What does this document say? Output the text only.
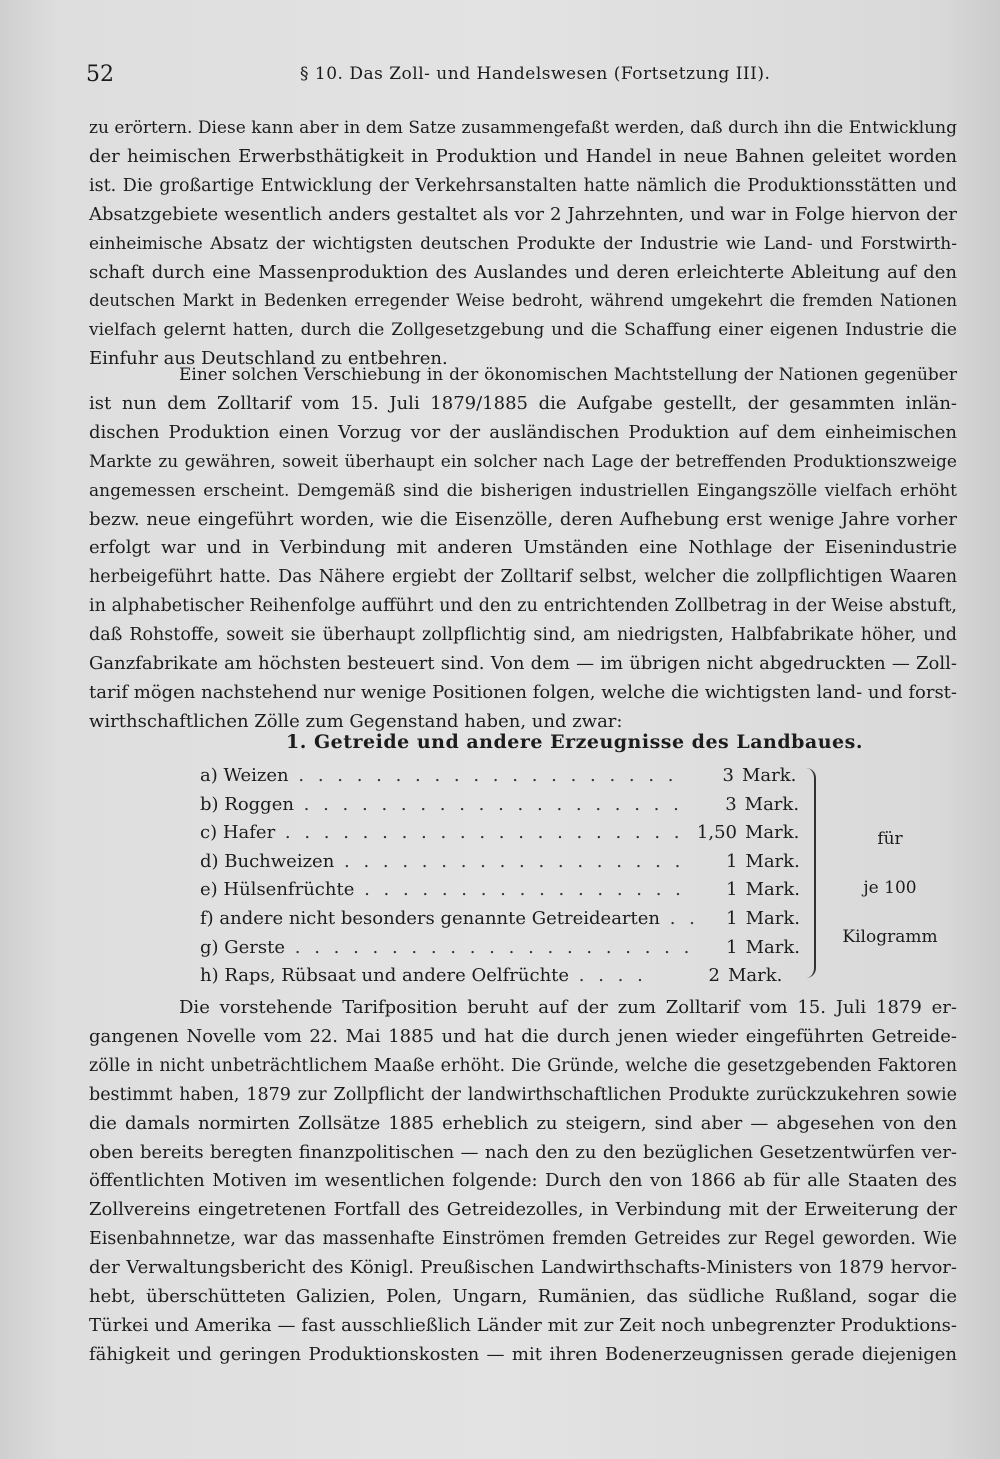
52	§ 10. Das Zoll- und Handelswesen (Fortsetzung III).
zu erörtern. Diese kann aber in dem Satze zusammengefaßt werden, daß durch ihn die Entwicklung
der heimischen Erwerbsthätigkeit in Produktion und Handel in neue Bahnen geleitet worden
ist. Die großartige Entwicklung der Verkehrsanstalten hatte nämlich die Produktionsstätten und
Absatzgebiete wesentlich anders gestaltet als vor 2 Jahrzehnten, und war in Folge hiervon der
einheimische Absatz der wichtigsten deutschen Produkte der Industrie wie Land- und Forstwirth-
schaft durch eine Massenproduktion des Auslandes und deren erleichterte Ableitung auf den
deutschen Markt in Bedenken erregender Weise bedroht, während umgekehrt die fremden Nationen
vielfach gelernt hatten, durch die Zollgesetzgebung und die Schaffung einer eigenen Industrie die
Einfuhr aus Deutschland zu entbehren.
Einer solchen Verschiebung in der ökonomischen Machtstellung der Nationen gegenüber
ist nun dem Zolltarif vom 15. Juli 1879/1885 die Aufgabe gestellt, der gesammten inlän-
dischen Produktion einen Vorzug vor der ausländischen Produktion auf dem einheimischen
Markte zu gewähren, soweit überhaupt ein solcher nach Lage der betreffenden Produktionszweige
angemessen erscheint. Demgemäß sind die bisherigen industriellen Eingangszölle vielfach erhöht
bezw. neue eingeführt worden, wie die Eisenzölle, deren Aufhebung erst wenige Jahre vorher
erfolgt war und in Verbindung mit anderen Umständen eine Nothlage der Eisenindustrie
herbeigeführt hatte. Das Nähere ergiebt der Zolltarif selbst, welcher die zollpflichtigen Waaren
in alphabetischer Reihenfolge aufführt und den zu entrichtenden Zollbetrag in der Weise abstuft,
daß Rohstoffe, soweit sie überhaupt zollpflichtig sind, am niedrigsten, Halbfabrikate höher, und
Ganzfabrikate am höchsten besteuert sind. Von dem — im übrigen nicht abgedruckten — Zoll-
tarif mögen nachstehend nur wenige Positionen folgen, welche die wichtigsten land- und forst-
wirthschaftlichen Zölle zum Gegenstand haben, und zwar:
1. Getreide und andere Erzeugnisse des Landbaues.
a) Weizen . . . . . . . . . . . . . . . . . . . .	3 Mark.
b) Roggen . . . . . . . . . . . . . . . . . . . .	3 Mark.
c) Hafer . . . . . . . . . . . . . . . . . . . . . 1,50 Mark.
d) Buchweizen . . . . . . . . . . . . . . . . . .	1 Mark.
e) Hülsenfrüchte . . . . . . . . . . . . . . . . .	1 Mark.
f) andere nicht besonders genannte Getreidearten . .	1 Mark.
g) Gerste . . . . . . . . . . . . . . . . . . . . .	1 Mark.
h) Raps, Rübsaat und andere Oelfrüchte . . . .	2 Mark.
für
je 100
Kilogramm
Die vorstehende Tarifposition beruht auf der zum Zolltarif vom 15. Juli 1879 er-
gangenen Novelle vom 22. Mai 1885 und hat die durch jenen wieder eingeführten Getreide-
zölle in nicht unbeträchtlichem Maaße erhöht. Die Gründe, welche die gesetzgebenden Faktoren
bestimmt haben, 1879 zur Zollpflicht der landwirthschaftlichen Produkte zurückzukehren sowie
die damals normirten Zollsätze 1885 erheblich zu steigern, sind aber — abgesehen von den
oben bereits beregten finanzpolitischen — nach den zu den bezüglichen Gesetzentwürfen ver-
öffentlichten Motiven im wesentlichen folgende: Durch den von 1866 ab für alle Staaten des
Zollvereins eingetretenen Fortfall des Getreidezolles, in Verbindung mit der Erweiterung der
Eisenbahnnetze, war das massenhafte Einströmen fremden Getreides zur Regel geworden. Wie
der Verwaltungsbericht des Königl. Preußischen Landwirthschafts-Ministers von 1879 hervor-
hebt, überschütteten Galizien, Polen, Ungarn, Rumänien, das südliche Rußland, sogar die
Türkei und Amerika — fast ausschließlich Länder mit zur Zeit noch unbegrenzter Produktions-
fähigkeit und geringen Produktionskosten — mit ihren Bodenerzeugnissen gerade diejenigen
